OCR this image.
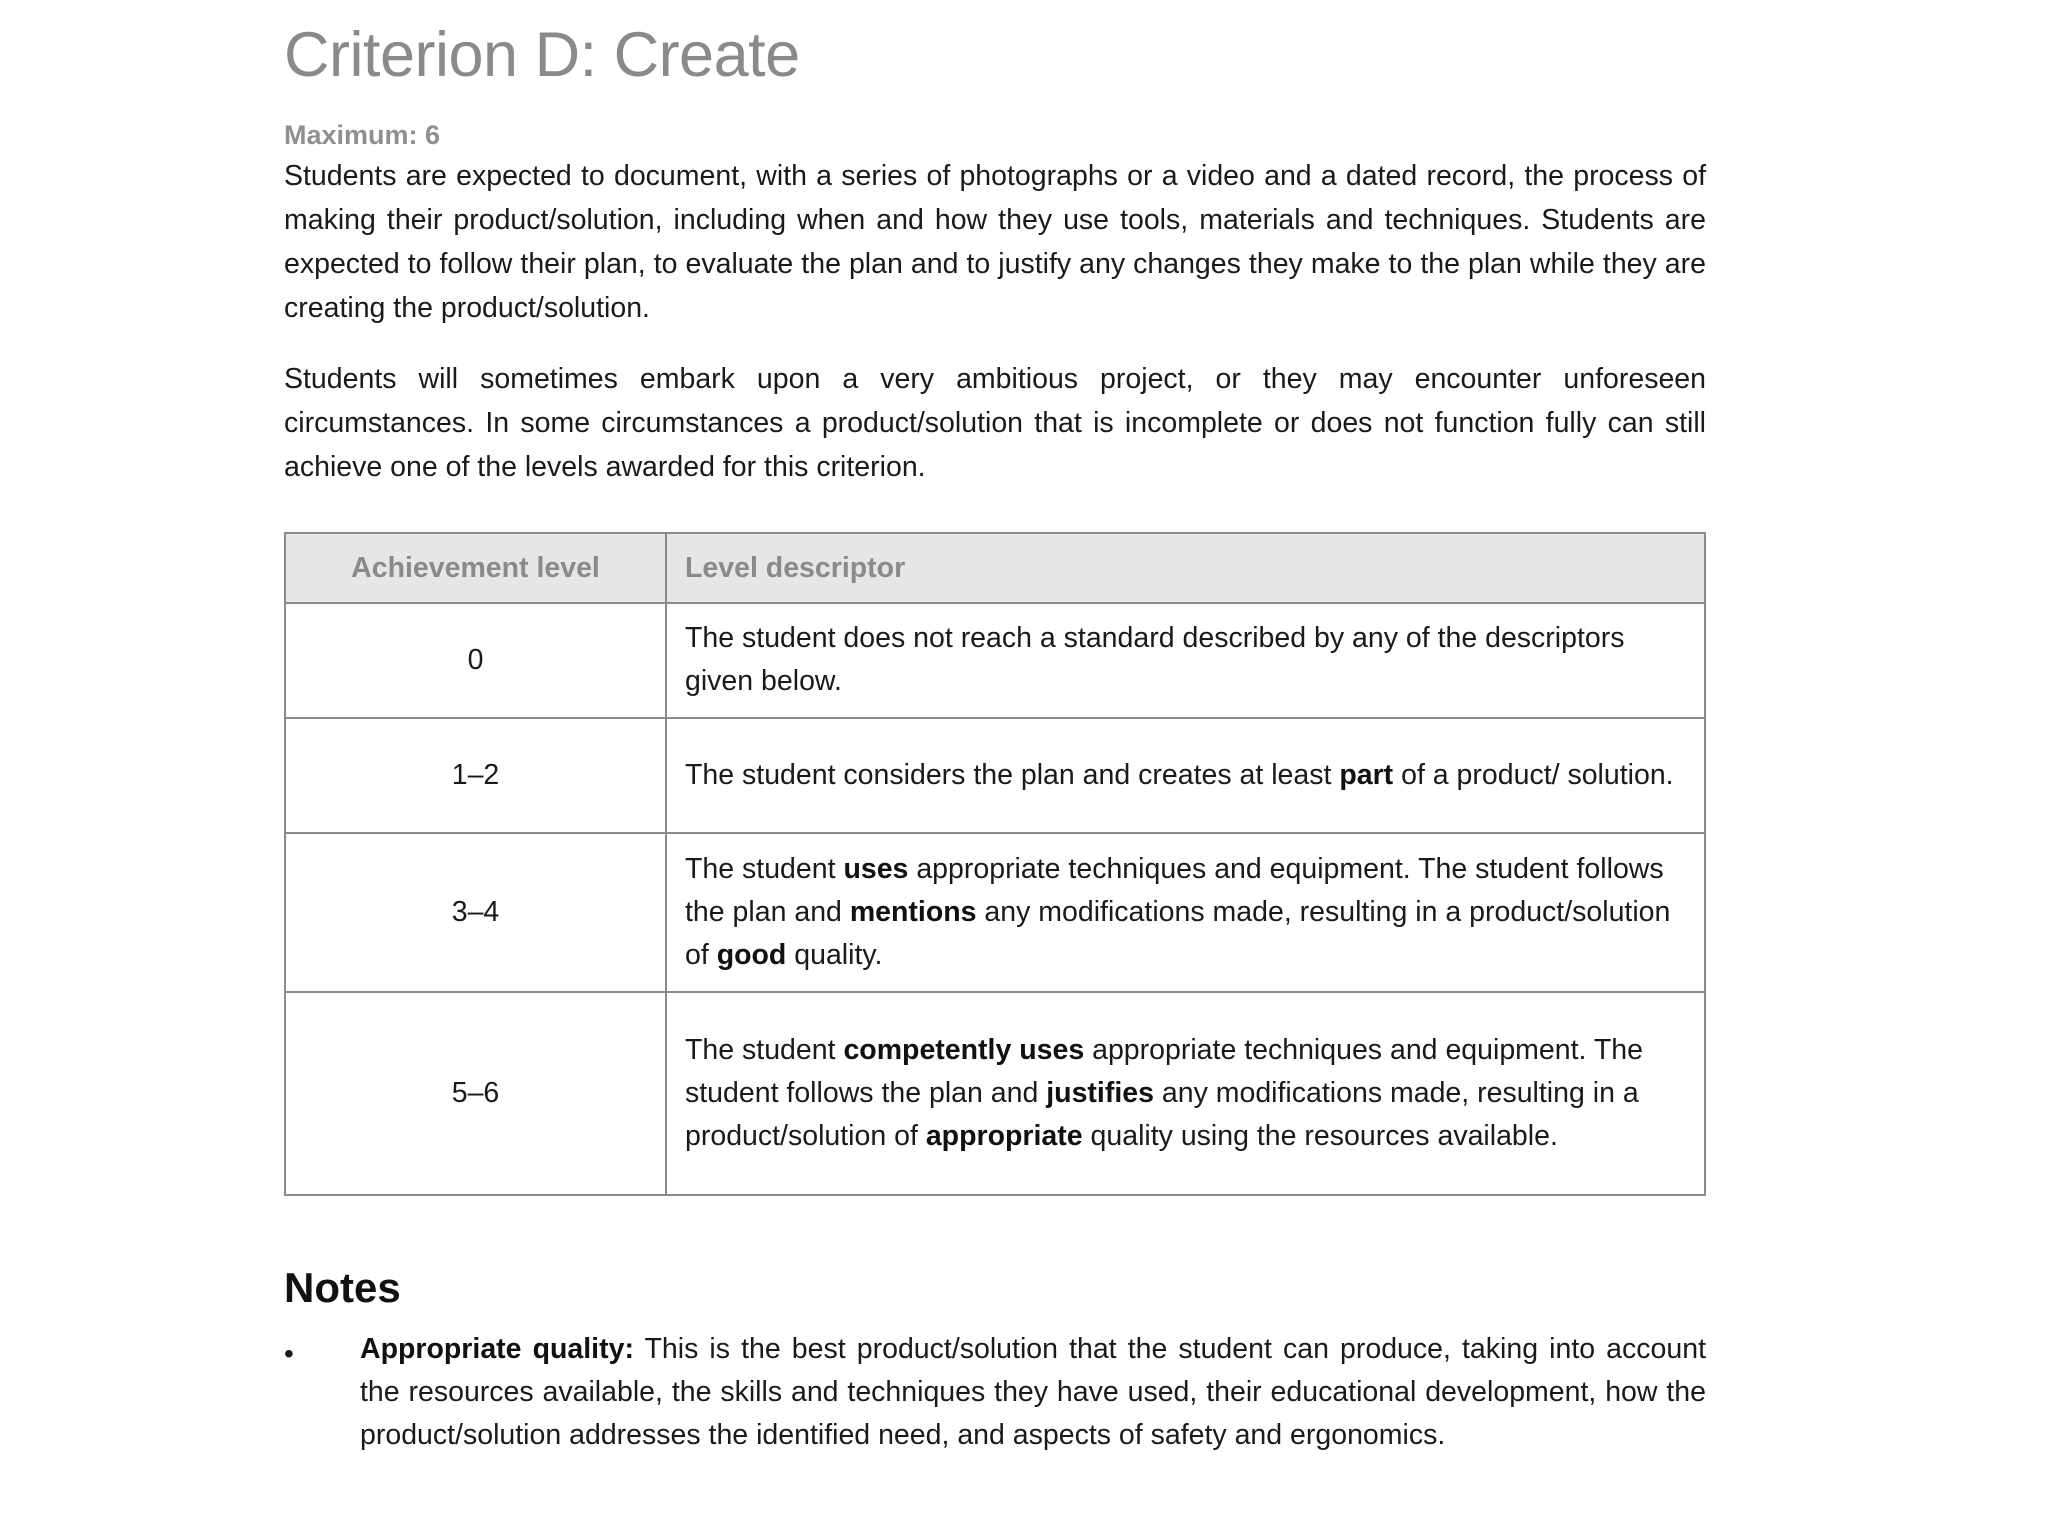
Criterion D: Create
Maximum: 6

Students are expected to document, with a series of photographs or a video and a dated record, the process of making their product/solution, including when and how they use tools, materials and techniques. Students are expected to follow their plan, to evaluate the plan and to justify any changes they make to the plan while they are creating the product/solution.

Students will sometimes embark upon a very ambitious project, or they may encounter unforeseen circumstances. In some circumstances a product/solution that is incomplete or does not function fully can still achieve one of the levels awarded for this criterion.

Achievement level	Level descriptor
0	The student does not reach a standard described by any of the descriptors given below.
1–2	The student considers the plan and creates at least part of a product/ solution.
3–4	The student uses appropriate techniques and equipment. The student follows the plan and mentions any modifications made, resulting in a product/solution of good quality.
5–6	The student competently uses appropriate techniques and equipment. The student follows the plan and justifies any modifications made, resulting in a product/solution of appropriate quality using the resources available.
Notes
• Appropriate quality: This is the best product/solution that the student can produce, taking into account the resources available, the skills and techniques they have used, their educational development, how the product/solution addresses the identified need, and aspects of safety and ergonomics.
